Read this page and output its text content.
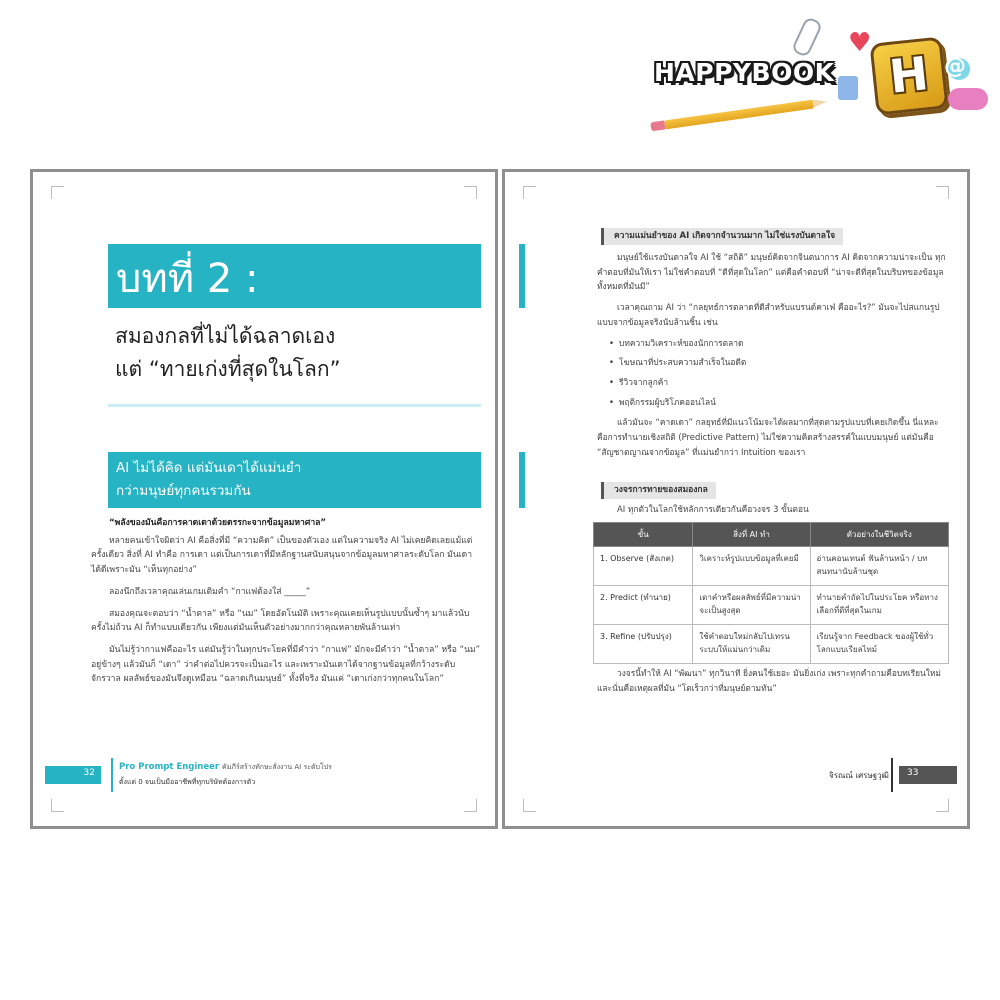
♥
HAPPYBOOK H @
บทที่ 2 :
สมองกลที่ไม่ได้ฉลาดเอง
แต่ “ทายเก่งที่สุดในโลก”
AI ไม่ได้คิด แต่มันเดาได้แม่นยำ
กว่ามนุษย์ทุกคนรวมกัน

“พลังของมันคือการคาดเดาด้วยตรรกะจากข้อมูลมหาศาล”

หลายคนเข้าใจผิดว่า AI คือสิ่งที่มี “ความคิด” เป็นของตัวเอง แต่ในความจริง AI ไม่เคยคิดเลยแม้แต่ครั้งเดียว สิ่งที่ AI ทำคือ การเดา แต่เป็นการเดาที่มีหลักฐานสนับสนุนจากข้อมูลมหาศาลระดับโลก มันเดาได้ดีเพราะมัน “เห็นทุกอย่าง”

ลองนึกถึงเวลาคุณเล่นเกมเติมคำ “กาแฟต้องใส่ _____”

สมองคุณจะตอบว่า “น้ำตาล” หรือ “นม” โดยอัตโนมัติ เพราะคุณเคยเห็นรูปแบบนั้นซ้ำๆ มาแล้วนับครั้งไม่ถ้วน AI ก็ทำแบบเดียวกัน เพียงแต่มันเห็นตัวอย่างมากกว่าคุณหลายพันล้านเท่า

มันไม่รู้ว่ากาแฟคืออะไร แต่มันรู้ว่าในทุกประโยคที่มีคำว่า “กาแฟ” มักจะมีคำว่า “น้ำตาล” หรือ “นม” อยู่ข้างๆ แล้วมันก็ “เดา” ว่าคำต่อไปควรจะเป็นอะไร และเพราะมันเดาได้จากฐานข้อมูลที่กว้างระดับจักรวาล ผลลัพธ์ของมันจึงดูเหมือน “ฉลาดเกินมนุษย์” ทั้งที่จริง มันแค่ “เดาเก่งกว่าทุกคนในโลก”

32
Pro Prompt Engineer คัมภีร์สร้างทักษะสั่งงาน AI ระดับโปร
ตั้งแต่ 0 จนเป็นมืออาชีพที่ทุกบริษัทต้องการตัว
ความแม่นยำของ AI เกิดจากจำนวนมาก ไม่ใช่แรงบันดาลใจ

มนุษย์ใช้แรงบันดาลใจ AI ใช้ “สถิติ” มนุษย์คิดจากจินตนาการ AI คิดจากความน่าจะเป็น ทุกคำตอบที่มันให้เรา ไม่ใช่คำตอบที่ “ดีที่สุดในโลก” แต่คือคำตอบที่ “น่าจะดีที่สุดในบริบทของข้อมูลทั้งหมดที่มันมี”

เวลาคุณถาม AI ว่า “กลยุทธ์การตลาดที่ดีสำหรับแบรนด์คาเฟ่ คืออะไร?” มันจะไปสแกนรูปแบบจากข้อมูลจริงนับล้านชิ้น เช่น

• บทความวิเคราะห์ของนักการตลาด
• โฆษณาที่ประสบความสำเร็จในอดีต
• รีวิวจากลูกค้า
• พฤติกรรมผู้บริโภคออนไลน์

แล้วมันจะ “คาดเดา” กลยุทธ์ที่มีแนวโน้มจะได้ผลมากที่สุดตามรูปแบบที่เคยเกิดขึ้น นี่แหละคือการทำนายเชิงสถิติ (Predictive Pattern) ไม่ใช่ความคิดสร้างสรรค์ในแบบมนุษย์ แต่มันคือ “สัญชาตญาณจากข้อมูล” ที่แม่นยำกว่า Intuition ของเรา

วงจรการทายของสมองกล

AI ทุกตัวในโลกใช้หลักการเดียวกันคือวงจร 3 ขั้นตอน

ขั้น	สิ่งที่ AI ทำ	ตัวอย่างในชีวิตจริง
1. Observe (สังเกต)	วิเคราะห์รูปแบบข้อมูลที่เคยมี	อ่านคอนเทนต์ ฟันล้านหน้า / บทสนทนานับล้านชุด
2. Predict (ทำนาย)	เดาคำหรือผลลัพธ์ที่มีความน่าจะเป็นสูงสุด	ทำนายคำถัดไปในประโยค หรือทางเลือกที่ดีที่สุดในเกม
3. Refine (ปรับปรุง)	ใช้คำตอบใหม่กลับไปเทรนระบบให้แม่นกว่าเดิม	เรียนรู้จาก Feedback ของผู้ใช้ทั่วโลกแบบเรียลไทม์

วงจรนี้ทำให้ AI “พัฒนา” ทุกวินาที ยิ่งคนใช้เยอะ มันยิ่งเก่ง เพราะทุกคำถามคือบทเรียนใหม่ และนั่นคือเหตุผลที่มัน “โตเร็วกว่าที่มนุษย์ตามทัน”

จิรณณ์ เศรษฐวุฒิ 33
